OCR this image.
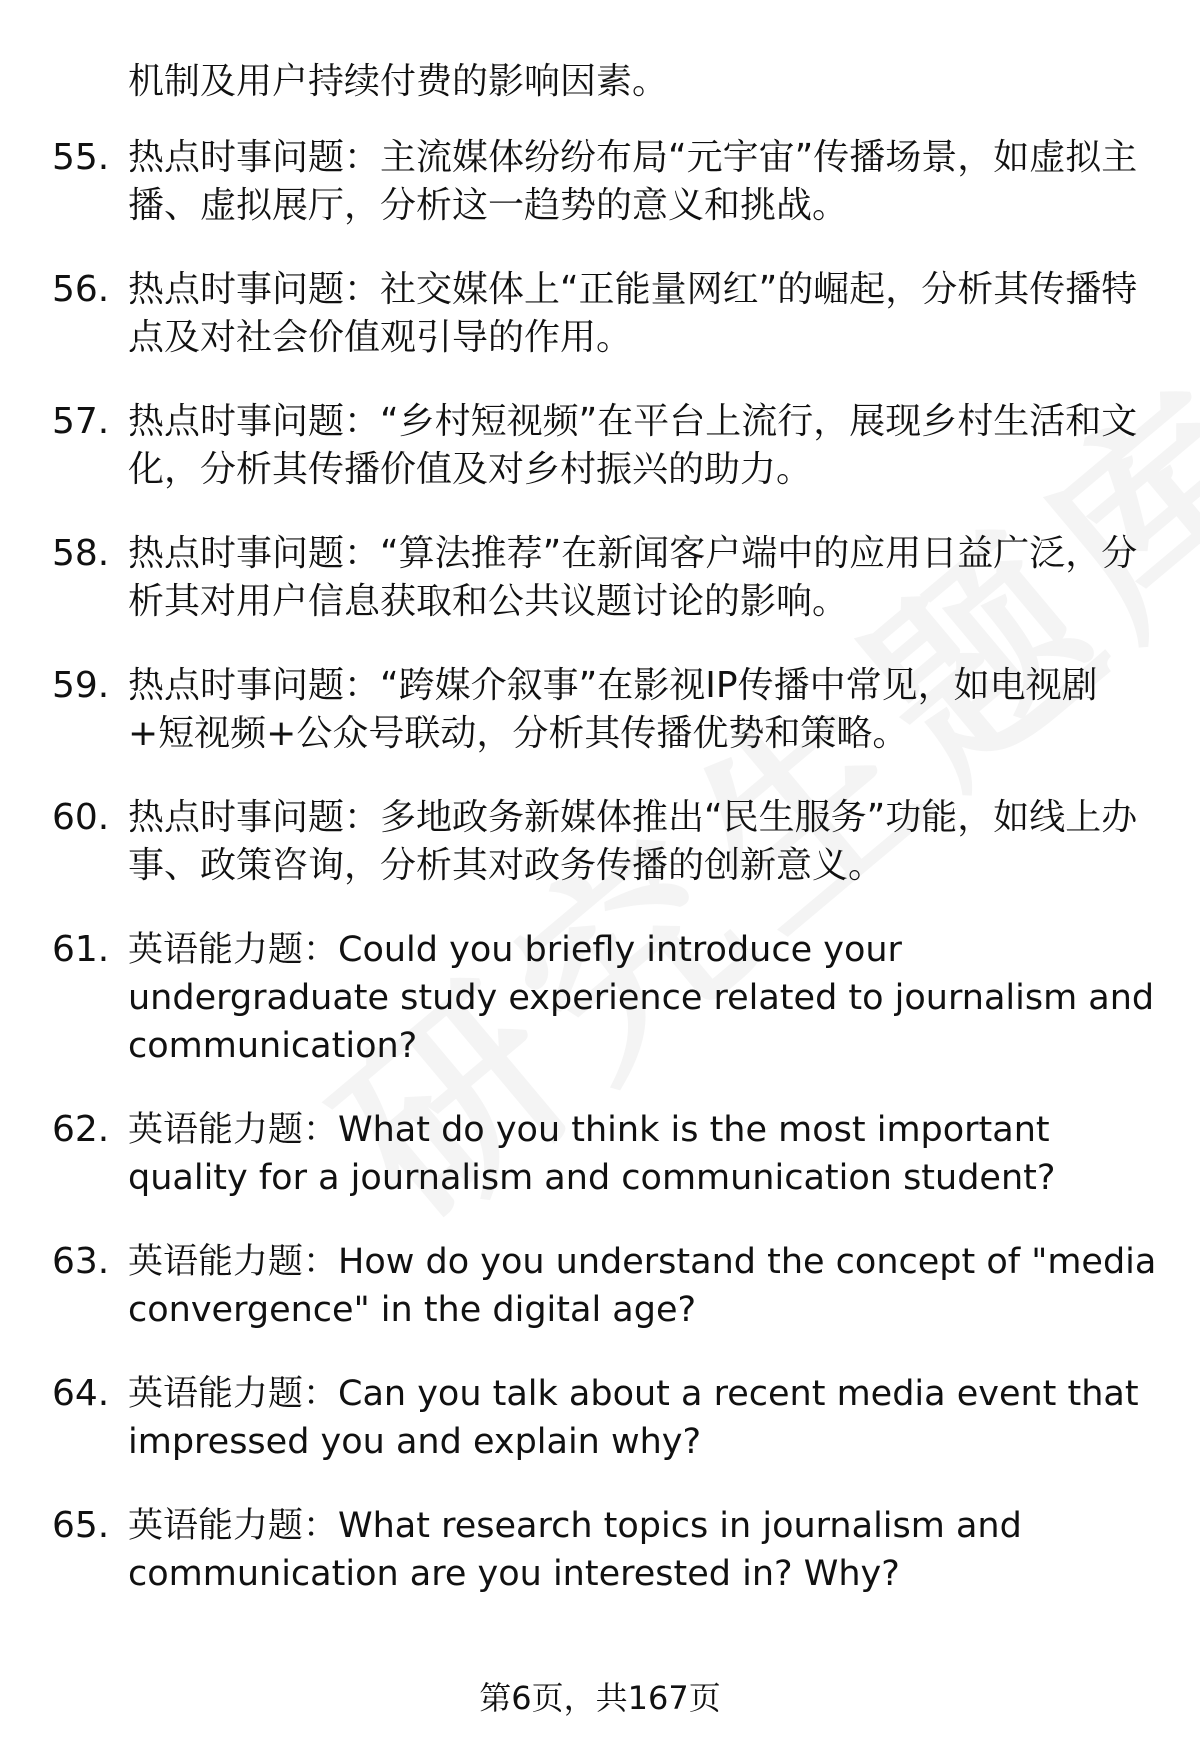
机制及用户持续付费的影响因素。
55. 热点时事问题：主流媒体纷纷布局“元宇宙”传播场景，如虚拟主播、虚拟展厅，分析这一趋势的意义和挑战。
56. 热点时事问题：社交媒体上“正能量网红”的崛起，分析其传播特点及对社会价值观引导的作用。
57. 热点时事问题：“乡村短视频”在平台上流行，展现乡村生活和文化，分析其传播价值及对乡村振兴的助力。
58. 热点时事问题：“算法推荐”在新闻客户端中的应用日益广泛，分析其对用户信息获取和公共议题讨论的影响。
59. 热点时事问题：“跨媒介叙事”在影视IP传播中常见，如电视剧+短视频+公众号联动，分析其传播优势和策略。
60. 热点时事问题：多地政务新媒体推出“民生服务”功能，如线上办事、政策咨询，分析其对政务传播的创新意义。
61. 英语能力题：Could you briefly introduce your undergraduate study experience related to journalism and communication?
62. 英语能力题：What do you think is the most important quality for a journalism and communication student?
63. 英语能力题：How do you understand the concept of "media convergence" in the digital age?
64. 英语能力题：Can you talk about a recent media event that impressed you and explain why?
65. 英语能力题：What research topics in journalism and communication are you interested in? Why?
第6页，共167页
